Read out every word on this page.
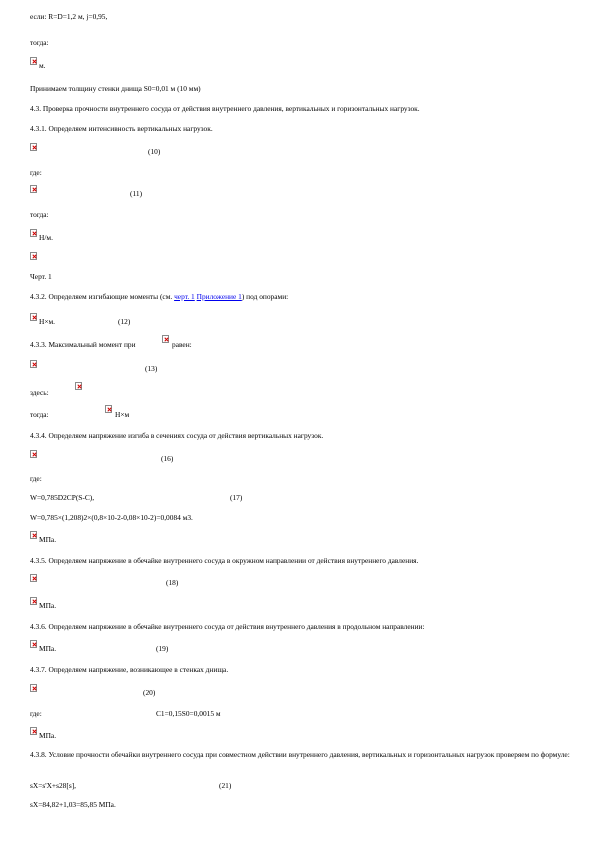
если: R=D=1,2 м, j=0,95,
тогда:
м.
Принимаем толщину стенки днища S0=0,01 м (10 мм)
4.3. Проверка прочности внутреннего сосуда от действия внутреннего давления, вертикальных и горизонтальных нагрузок.
4.3.1. Определяем интенсивность вертикальных нагрузок.
(10)
где:
(11)
тогда:
Н/м.
Черт. 1
4.3.2. Определяем изгибающие моменты (см. черт. 1 Приложение 1) под опорами:
Н×м.	(12)
4.3.3. Максимальный момент при	равен:
(13)
здесь:
тогда:	Н×м
4.3.4. Определяем напряжение изгиба в сечениях сосуда от действия вертикальных нагрузок.
(16)
где:
W=0,785D2CP(S-C),	(17)
W=0,785×(1,208)2×(0,8×10-2-0,08×10-2)=0,0084 м3.
МПа.
4.3.5. Определяем напряжение в обечайке внутреннего сосуда в окружном направлении от действия внутреннего давления.
(18)
МПа.
4.3.6. Определяем напряжение в обечайке внутреннего сосуда от действия внутреннего давления в продольном направлении:
МПа.	(19)
4.3.7. Определяем напряжение, возникающее в стенках днища.
(20)
где:	C1=0,15S0=0,0015 м
МПа.
4.3.8. Условие прочности обечайки внутреннего сосуда при совместном действии внутреннего давления, вертикальных и горизонтальных нагрузок проверяем по формуле:
sX=s'X+s28[s],	(21)
sX=84,82+1,03=85,85 МПа.
